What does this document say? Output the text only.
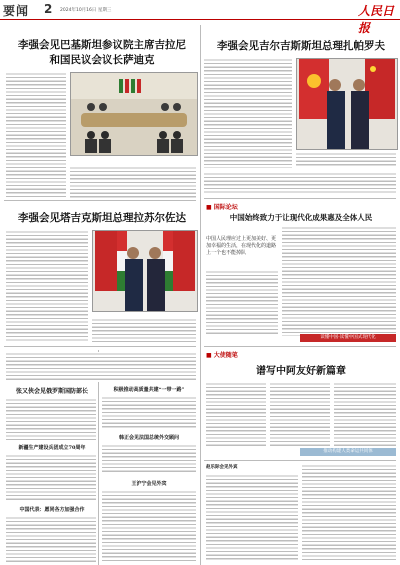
要闻 2 2024年10月16日 星期三	人民日报
李强会见巴基斯坦参议院主席吉拉尼
和国民议会议长萨迪克
李强会见塔吉克斯坦总理拉苏尔佐达
张又侠会见俄罗斯国防部长
新疆生产建设兵团成立70周年
中国代表：愿同各方加强合作
积极推动高质量共建“一带一路”
韩正会见法国总统外交顾问
王沪宁会见外宾
李强会见吉尔吉斯斯坦总理扎帕罗夫
■ 国际论坛
中国始终致力于让现代化成果惠及全体人民
中国人民理应过上更加美好、更加幸福的生活，在现代化的道路上一个也不能掉队
读懂中国·读懂中国式现代化
■ 大使随笔
谱写中阿友好新篇章
推动构建人类命运共同体
赵乐际会见外宾
